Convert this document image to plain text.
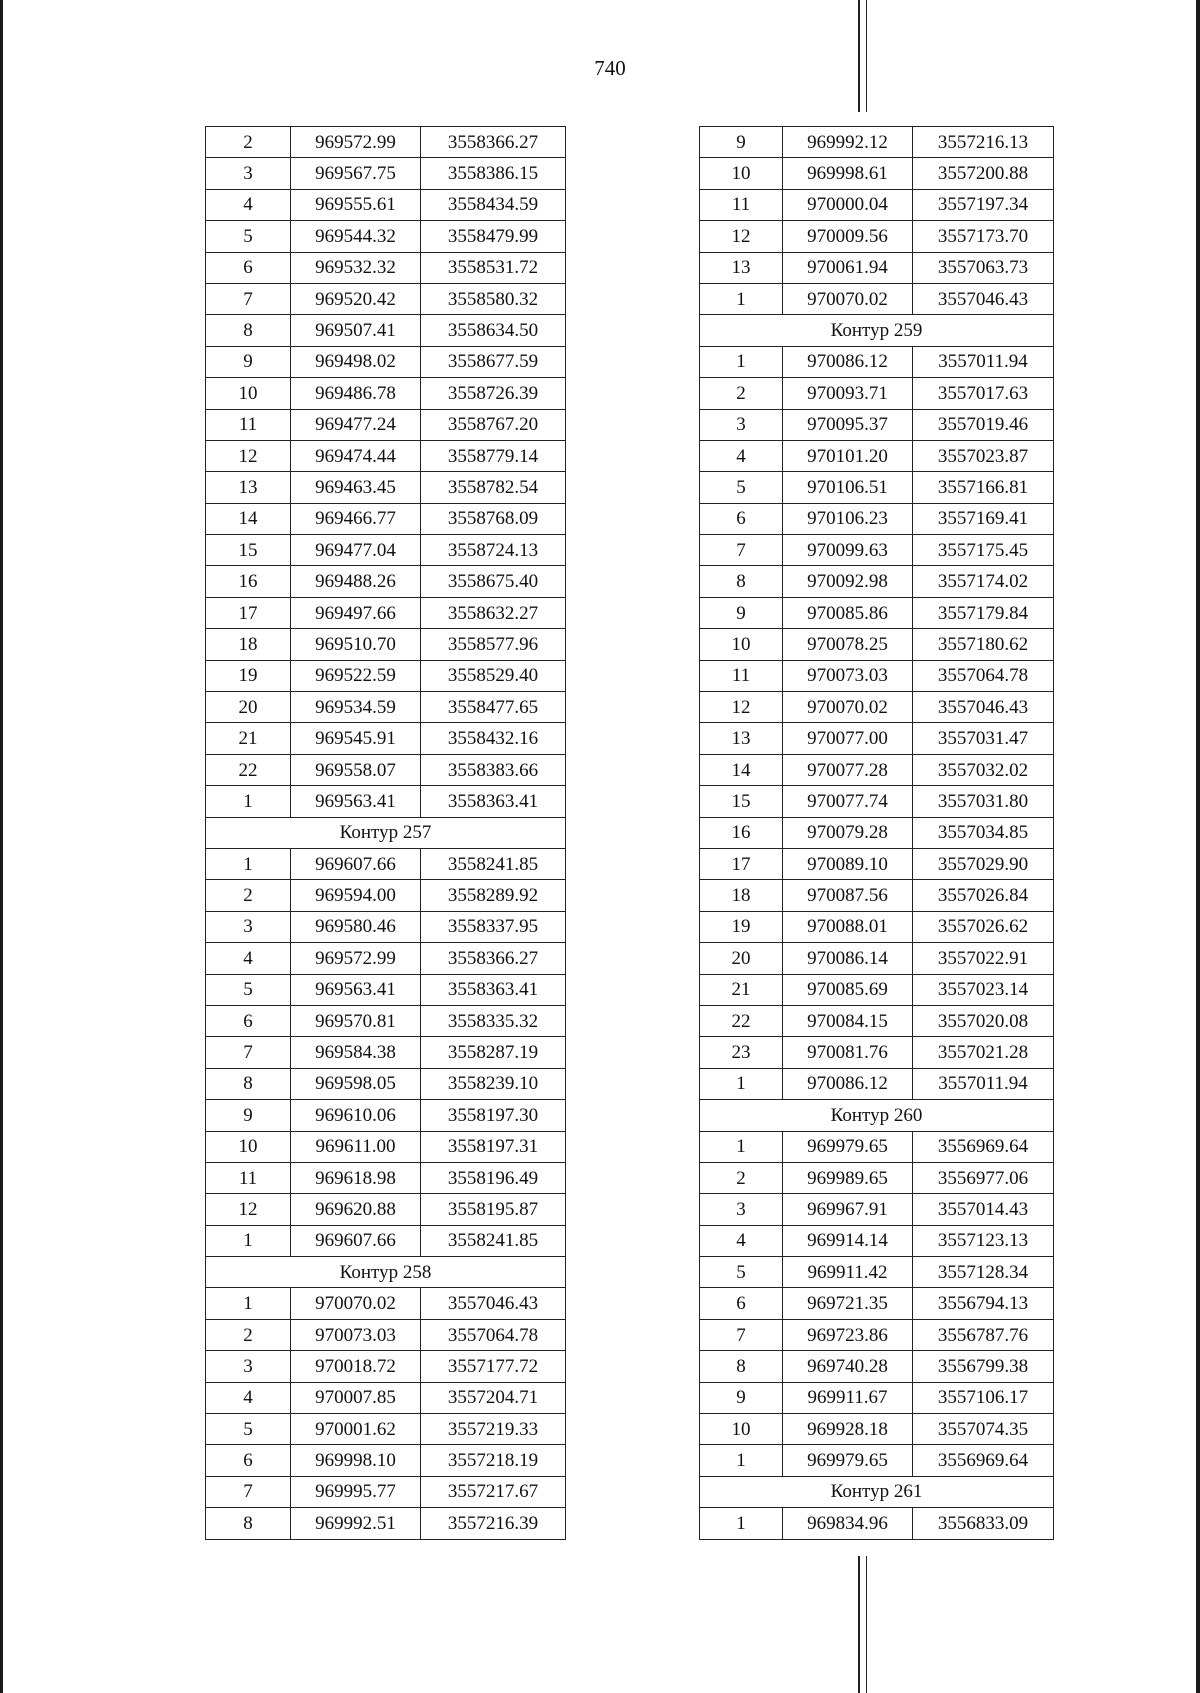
740
2	969572.99	3558366.27
3	969567.75	3558386.15
4	969555.61	3558434.59
5	969544.32	3558479.99
6	969532.32	3558531.72
7	969520.42	3558580.32
8	969507.41	3558634.50
9	969498.02	3558677.59
10	969486.78	3558726.39
11	969477.24	3558767.20
12	969474.44	3558779.14
13	969463.45	3558782.54
14	969466.77	3558768.09
15	969477.04	3558724.13
16	969488.26	3558675.40
17	969497.66	3558632.27
18	969510.70	3558577.96
19	969522.59	3558529.40
20	969534.59	3558477.65
21	969545.91	3558432.16
22	969558.07	3558383.66
1	969563.41	3558363.41
Контур 257		
1	969607.66	3558241.85
2	969594.00	3558289.92
3	969580.46	3558337.95
4	969572.99	3558366.27
5	969563.41	3558363.41
6	969570.81	3558335.32
7	969584.38	3558287.19
8	969598.05	3558239.10
9	969610.06	3558197.30
10	969611.00	3558197.31
11	969618.98	3558196.49
12	969620.88	3558195.87
1	969607.66	3558241.85
Контур 258		
1	970070.02	3557046.43
2	970073.03	3557064.78
3	970018.72	3557177.72
4	970007.85	3557204.71
5	970001.62	3557219.33
6	969998.10	3557218.19
7	969995.77	3557217.67
8	969992.51	3557216.39
9	969992.12	3557216.13
10	969998.61	3557200.88
11	970000.04	3557197.34
12	970009.56	3557173.70
13	970061.94	3557063.73
1	970070.02	3557046.43
Контур 259		
1	970086.12	3557011.94
2	970093.71	3557017.63
3	970095.37	3557019.46
4	970101.20	3557023.87
5	970106.51	3557166.81
6	970106.23	3557169.41
7	970099.63	3557175.45
8	970092.98	3557174.02
9	970085.86	3557179.84
10	970078.25	3557180.62
11	970073.03	3557064.78
12	970070.02	3557046.43
13	970077.00	3557031.47
14	970077.28	3557032.02
15	970077.74	3557031.80
16	970079.28	3557034.85
17	970089.10	3557029.90
18	970087.56	3557026.84
19	970088.01	3557026.62
20	970086.14	3557022.91
21	970085.69	3557023.14
22	970084.15	3557020.08
23	970081.76	3557021.28
1	970086.12	3557011.94
Контур 260		
1	969979.65	3556969.64
2	969989.65	3556977.06
3	969967.91	3557014.43
4	969914.14	3557123.13
5	969911.42	3557128.34
6	969721.35	3556794.13
7	969723.86	3556787.76
8	969740.28	3556799.38
9	969911.67	3557106.17
10	969928.18	3557074.35
1	969979.65	3556969.64
Контур 261		
1	969834.96	3556833.09
